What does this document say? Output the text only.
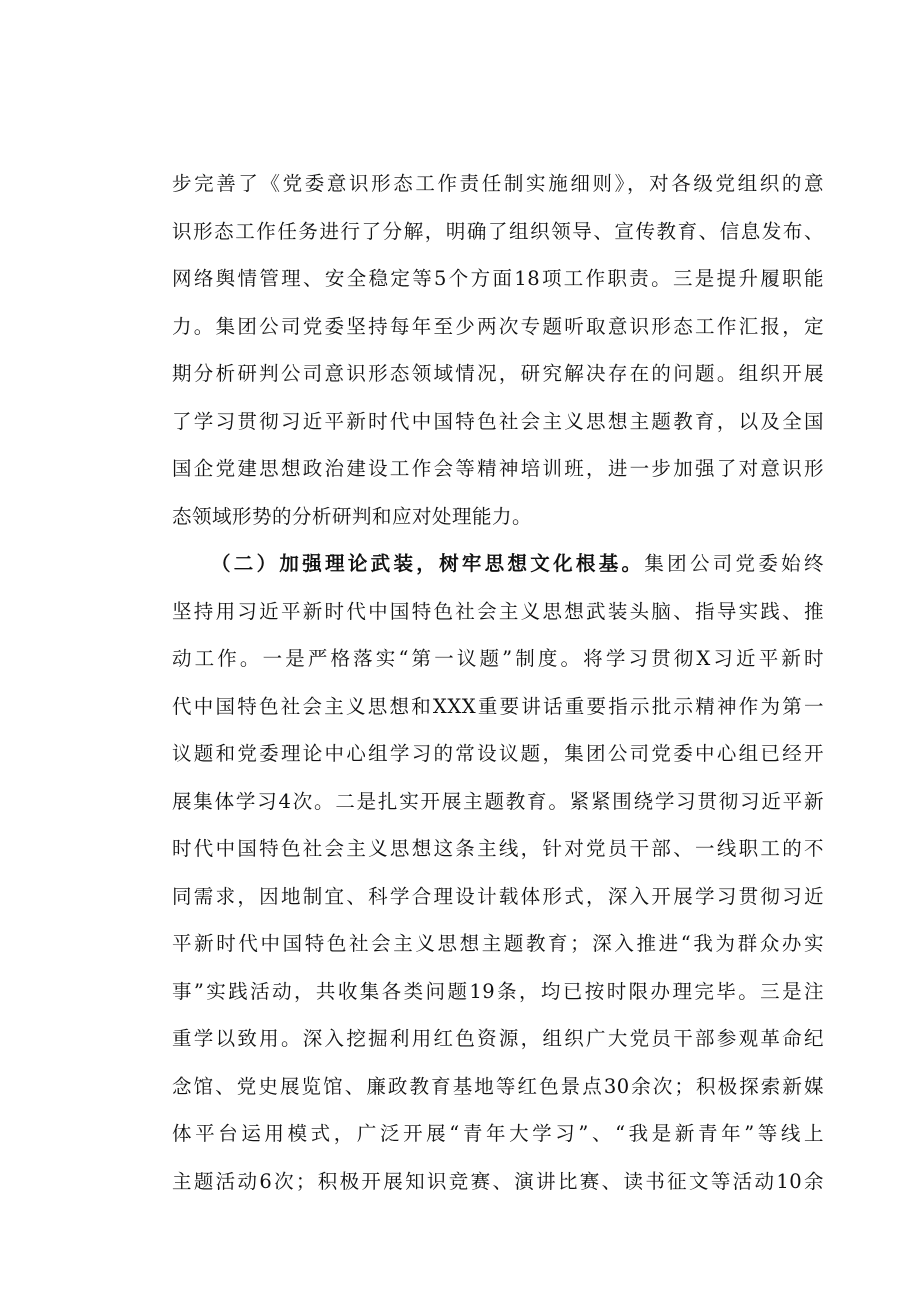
步完善了《党委意识形态工作责任制实施细则》，对各级党组织的意
识形态工作任务进行了分解，明确了组织领导、宣传教育、信息发布、
网络舆情管理、安全稳定等5个方面18项工作职责。三是提升履职能
力。集团公司党委坚持每年至少两次专题听取意识形态工作汇报，定
期分析研判公司意识形态领域情况，研究解决存在的问题。组织开展
了学习贯彻习近平新时代中国特色社会主义思想主题教育，以及全国
国企党建思想政治建设工作会等精神培训班，进一步加强了对意识形
态领域形势的分析研判和应对处理能力。
（二）加强理论武装，树牢思想文化根基。集团公司党委始终
坚持用习近平新时代中国特色社会主义思想武装头脑、指导实践、推
动工作。一是严格落实“第一议题”制度。将学习贯彻X习近平新时
代中国特色社会主义思想和XXX重要讲话重要指示批示精神作为第一
议题和党委理论中心组学习的常设议题，集团公司党委中心组已经开
展集体学习4次。二是扎实开展主题教育。紧紧围绕学习贯彻习近平新
时代中国特色社会主义思想这条主线，针对党员干部、一线职工的不
同需求，因地制宜、科学合理设计载体形式，深入开展学习贯彻习近
平新时代中国特色社会主义思想主题教育；深入推进“我为群众办实
事”实践活动，共收集各类问题19条，均已按时限办理完毕。三是注
重学以致用。深入挖掘利用红色资源，组织广大党员干部参观革命纪
念馆、党史展览馆、廉政教育基地等红色景点30余次；积极探索新媒
体平台运用模式，广泛开展“青年大学习”、“我是新青年”等线上
主题活动6次；积极开展知识竞赛、演讲比赛、读书征文等活动10余
